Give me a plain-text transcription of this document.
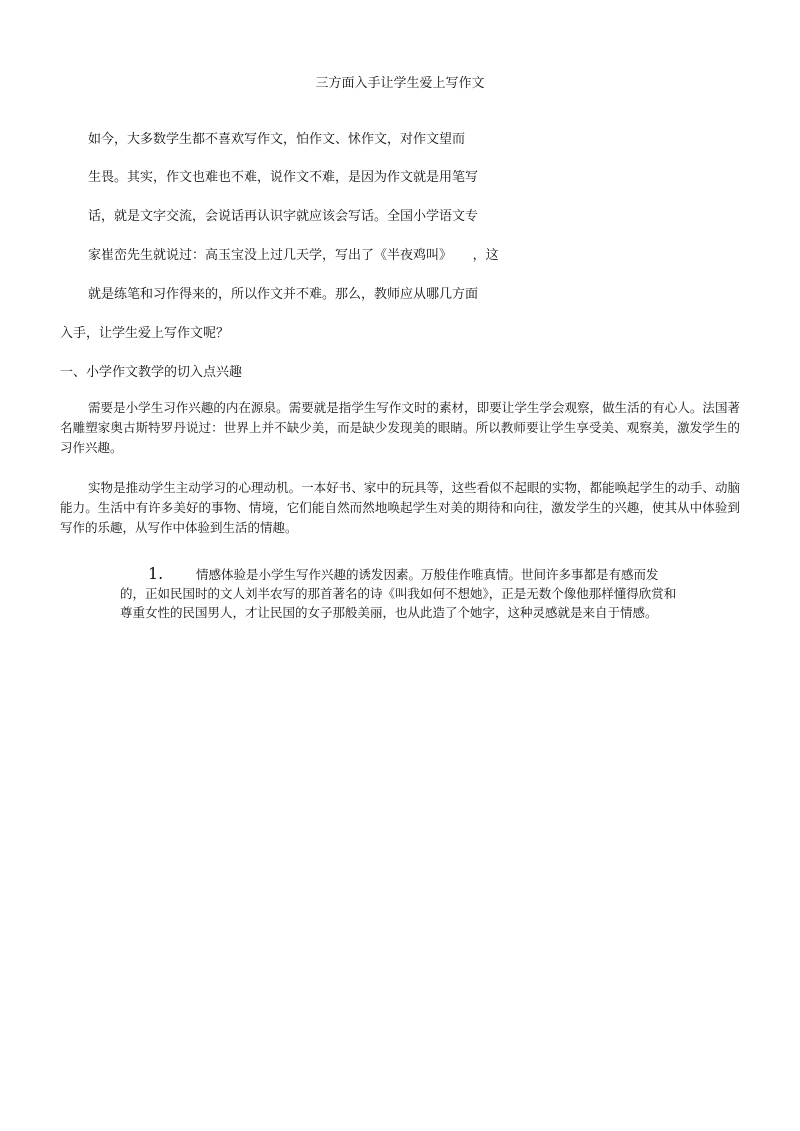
三方面入手让学生爱上写作文
如今，大多数学生都不喜欢写作文，怕作文、怵作文，对作文望而
生畏。其实，作文也难也不难，说作文不难，是因为作文就是用笔写
话，就是文字交流，会说话再认识字就应该会写话。全国小学语文专
家崔峦先生就说过：高玉宝没上过几天学，写出了《半夜鸡叫》     ，这
就是练笔和习作得来的，所以作文并不难。那么，教师应从哪几方面
入手，让学生爱上写作文呢？
一、小学作文教学的切入点兴趣
需要是小学生习作兴趣的内在源泉。需要就是指学生写作文时的素材，即要让学生学会观察，做生活的有心人。法国著名雕塑家奥古斯特罗丹说过：世界上并不缺少美，而是缺少发现美的眼睛。所以教师要让学生享受美、观察美，激发学生的习作兴趣。
实物是推动学生主动学习的心理动机。一本好书、家中的玩具等，这些看似不起眼的实物，都能唤起学生的动手、动脑能力。生活中有许多美好的事物、情境，它们能自然而然地唤起学生对美的期待和向往，激发学生的兴趣，使其从中体验到写作的乐趣，从写作中体验到生活的情趣。
1.	情感体验是小学生写作兴趣的诱发因素。万般佳作唯真情。世间许多事都是有感而发的，正如民国时的文人刘半农写的那首著名的诗《叫我如何不想她》，正是无数个像他那样懂得欣赏和尊重女性的民国男人，才让民国的女子那般美丽，也从此造了个她字，这种灵感就是来自于情感。
